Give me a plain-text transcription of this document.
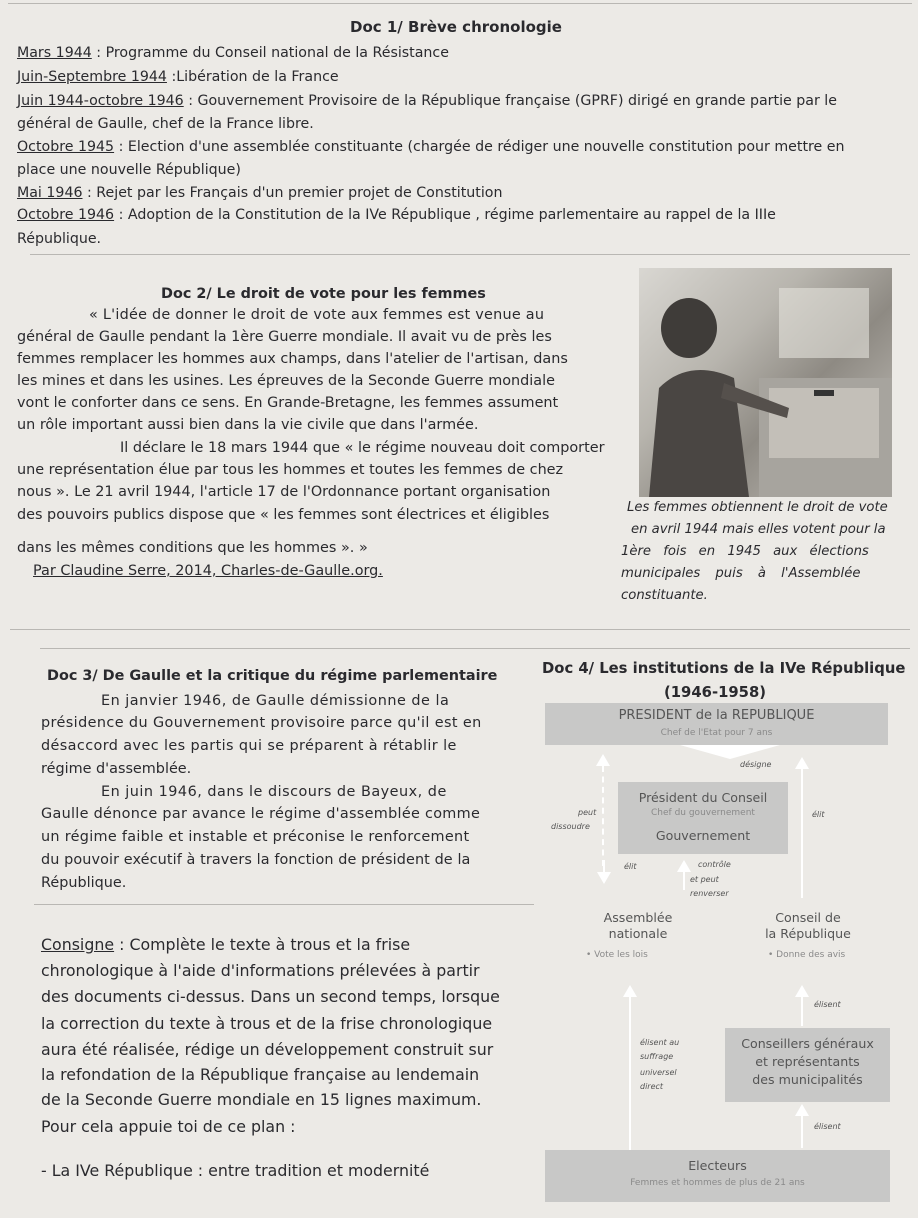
Doc 1/ Brève chronologie
Mars 1944 : Programme du Conseil national de la Résistance
Juin-Septembre 1944 :Libération de la France
Juin 1944-octobre 1946 : Gouvernement Provisoire de la République française (GPRF) dirigé en grande partie par le
général de Gaulle, chef de la France libre.
Octobre 1945 : Election d'une assemblée constituante (chargée de rédiger une nouvelle constitution pour mettre en
place une nouvelle République)
Mai 1946 : Rejet par les Français d'un premier projet de Constitution
Octobre 1946 : Adoption de la Constitution de la IVe République , régime parlementaire au rappel de la IIIe
République.
Doc 2/ Le droit de vote pour les femmes
« L'idée de donner le droit de vote aux femmes est venue au
général de Gaulle pendant la 1ère Guerre mondiale. Il avait vu de près les
femmes remplacer les hommes aux champs, dans l'atelier de l'artisan, dans
les mines et dans les usines. Les épreuves de la Seconde Guerre mondiale
vont le conforter dans ce sens. En Grande-Bretagne, les femmes assument
un rôle important aussi bien dans la vie civile que dans l'armée.
Il déclare le 18 mars 1944 que « le régime nouveau doit comporter
une représentation élue par tous les hommes et toutes les femmes de chez
nous ». Le 21 avril 1944, l'article 17 de l'Ordonnance portant organisation
des pouvoirs publics dispose que « les femmes sont électrices et éligibles
dans les mêmes conditions que les hommes ». »
Par Claudine Serre, 2014, Charles-de-Gaulle.org.
Les femmes obtiennent le droit de vote
en avril 1944 mais elles votent pour la
1ère fois en 1945 aux élections
municipales puis à l'Assemblée
constituante.
Doc 3/ De Gaulle et la critique du régime parlementaire
En janvier 1946, de Gaulle démissionne de la
présidence du Gouvernement provisoire parce qu'il est en
désaccord avec les partis qui se préparent à rétablir le
régime d'assemblée.
En juin 1946, dans le discours de Bayeux, de
Gaulle dénonce par avance le régime d'assemblée comme
un régime faible et instable et préconise le renforcement
du pouvoir exécutif à travers la fonction de président de la
République.
Consigne : Complète le texte à trous et la frise
chronologique à l'aide d'informations prélevées à partir
des documents ci-dessus. Dans un second temps, lorsque
la correction du texte à trous et de la frise chronologique
aura été réalisée, rédige un développement construit sur
la refondation de la République française au lendemain
de la Seconde Guerre mondiale en 15 lignes maximum.
Pour cela appuie toi de ce plan :
- La IVe République : entre tradition et modernité
Doc 4/ Les institutions de la IVe République
(1946-1958)
PRESIDENT de la REPUBLIQUE
Chef de l'Etat pour 7 ans
désigne
peut
dissoudre
Président du Conseil
Chef du gouvernement
Gouvernement
élit
élit	contrôle
et peut
renverser
Assemblée
nationale
• Vote les lois
Conseil de
la République
• Donne des avis
élisent au
suffrage
universel
direct
élisent
Conseillers généraux
et représentants
des municipalités
élisent
Electeurs
Femmes et hommes de plus de 21 ans
